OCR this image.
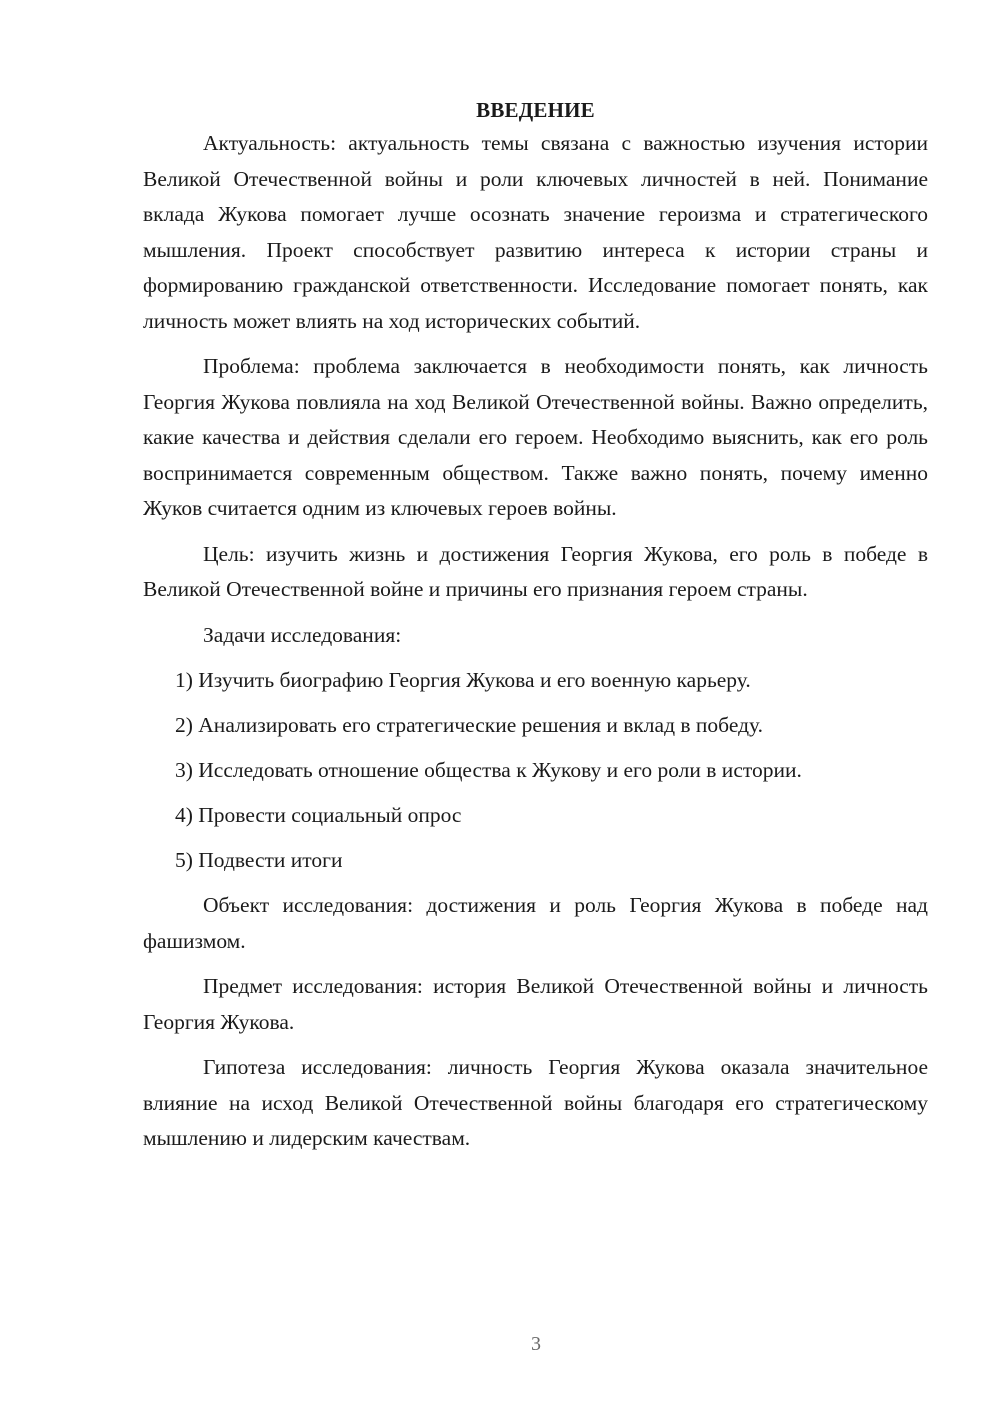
ВВЕДЕНИЕ

Актуальность: актуальность темы связана с важностью изучения истории Великой Отечественной войны и роли ключевых личностей в ней. Понимание вклада Жукова помогает лучше осознать значение героизма и стратегического мышления. Проект способствует развитию интереса к истории страны и формированию гражданской ответственности. Исследование помогает понять, как личность может влиять на ход исторических событий.

Проблема: проблема заключается в необходимости понять, как личность Георгия Жукова повлияла на ход Великой Отечественной войны. Важно определить, какие качества и действия сделали его героем. Необходимо выяснить, как его роль воспринимается современным обществом. Также важно понять, почему именно Жуков считается одним из ключевых героев войны.

Цель: изучить жизнь и достижения Георгия Жукова, его роль в победе в Великой Отечественной войне и причины его признания героем страны.

Задачи исследования:
1) Изучить биографию Георгия Жукова и его военную карьеру.
2) Анализировать его стратегические решения и вклад в победу.
3) Исследовать отношение общества к Жукову и его роли в истории.
4) Провести социальный опрос
5) Подвести итоги

Объект исследования: достижения и роль Георгия Жукова в победе над фашизмом.

Предмет исследования: история Великой Отечественной войны и личность Георгия Жукова.

Гипотеза исследования: личность Георгия Жукова оказала значительное влияние на исход Великой Отечественной войны благодаря его стратегическому мышлению и лидерским качествам.

3
